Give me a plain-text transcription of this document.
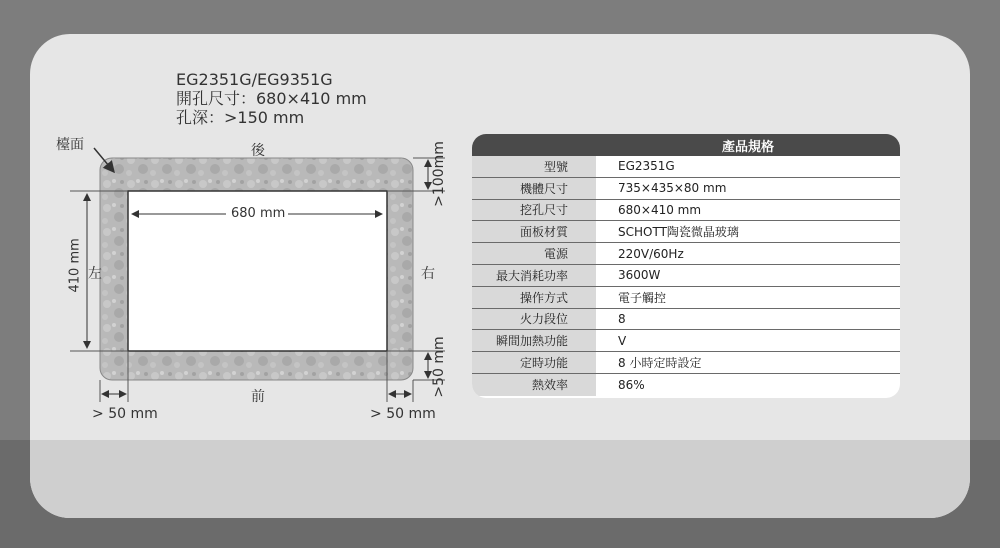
EG2351G/EG9351G
開孔尺寸：680×410 mm
孔深：>150 mm
檯面	後
前
左	右
680 mm
410 mm
>100mm
>50 mm
> 50 mm	> 50 mm
產品規格
型號	EG2351G
機體尺寸	735×435×80 mm
挖孔尺寸	680×410 mm
面板材質	SCHOTT陶瓷微晶玻璃
電源	220V/60Hz
最大消耗功率	3600W
操作方式	電子觸控
火力段位	8
瞬間加熱功能	V
定時功能	8 小時定時設定
熱效率	86%
